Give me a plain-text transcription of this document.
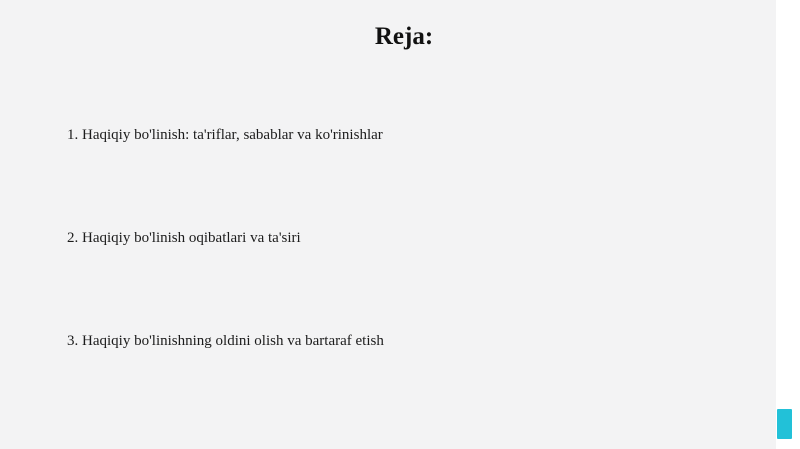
Reja:
1. Haqiqiy bo'linish: ta'riflar, sabablar va ko'rinishlar
2. Haqiqiy bo'linish oqibatlari va ta'siri
3. Haqiqiy bo'linishning oldini olish va bartaraf etish
